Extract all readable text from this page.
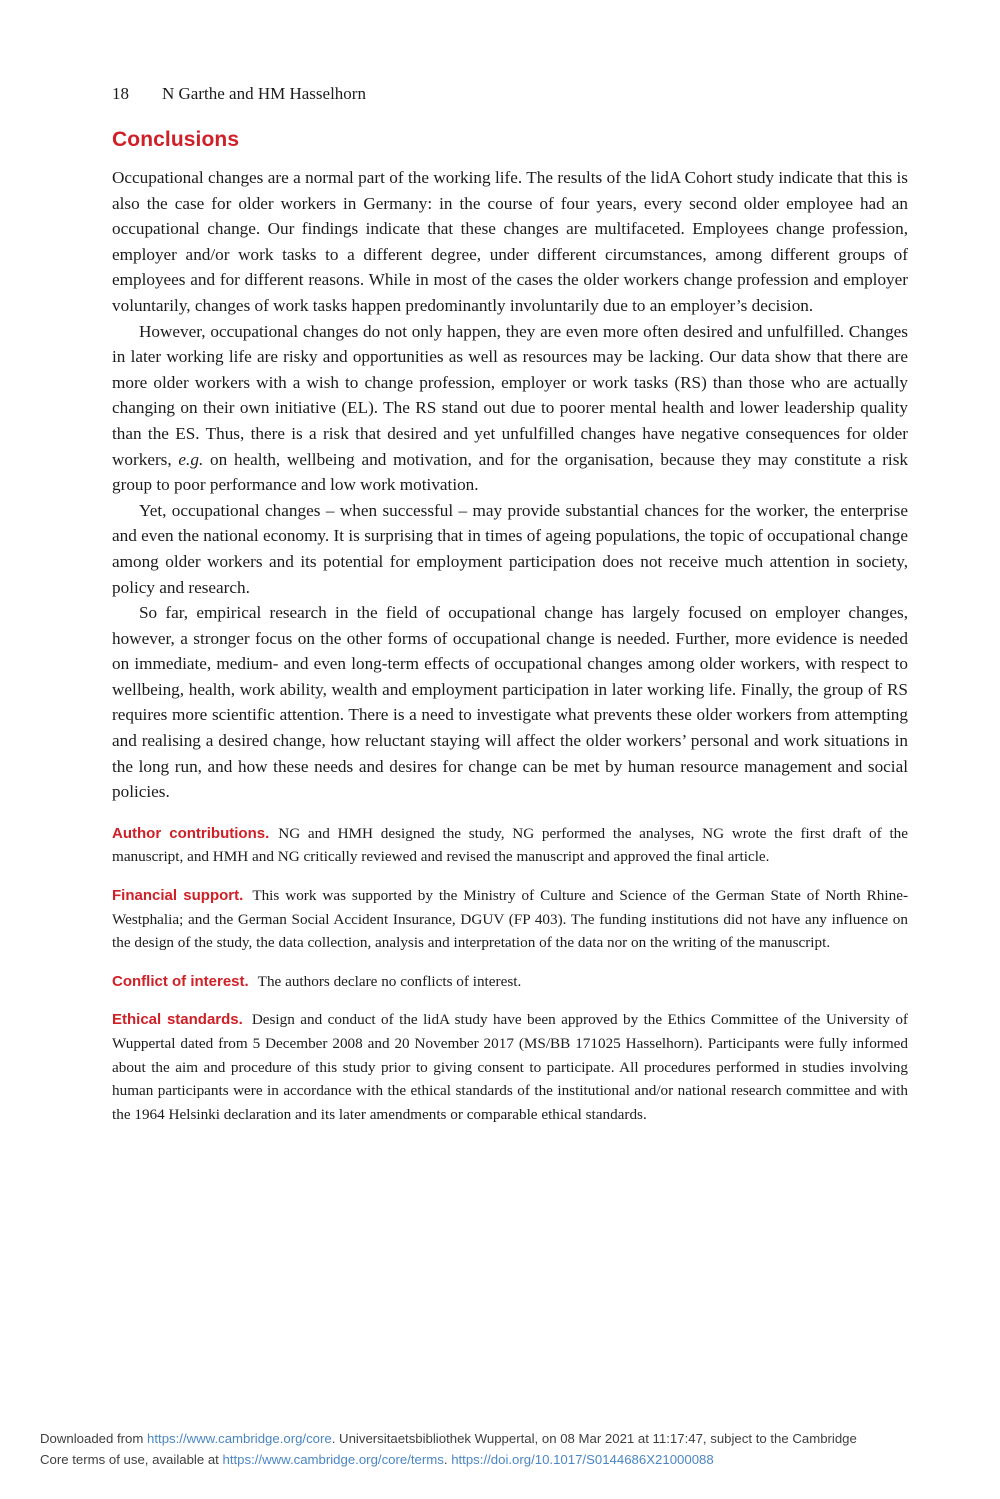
18 N Garthe and HM Hasselhorn
Conclusions

Occupational changes are a normal part of the working life. The results of the lidA Cohort study indicate that this is also the case for older workers in Germany: in the course of four years, every second older employee had an occupational change. Our findings indicate that these changes are multifaceted. Employees change profession, employer and/or work tasks to a different degree, under different circumstances, among different groups of employees and for different reasons. While in most of the cases the older workers change profession and employer voluntarily, changes of work tasks happen predominantly involuntarily due to an employer’s decision.

However, occupational changes do not only happen, they are even more often desired and unfulfilled. Changes in later working life are risky and opportunities as well as resources may be lacking. Our data show that there are more older workers with a wish to change profession, employer or work tasks (RS) than those who are actually changing on their own initiative (EL). The RS stand out due to poorer mental health and lower leadership quality than the ES. Thus, there is a risk that desired and yet unfulfilled changes have negative consequences for older workers, e.g. on health, wellbeing and motivation, and for the organisation, because they may constitute a risk group to poor performance and low work motivation.

Yet, occupational changes – when successful – may provide substantial chances for the worker, the enterprise and even the national economy. It is surprising that in times of ageing populations, the topic of occupational change among older workers and its potential for employment participation does not receive much attention in society, policy and research.

So far, empirical research in the field of occupational change has largely focused on employer changes, however, a stronger focus on the other forms of occupational change is needed. Further, more evidence is needed on immediate, medium- and even long-term effects of occupational changes among older workers, with respect to wellbeing, health, work ability, wealth and employment participation in later working life. Finally, the group of RS requires more scientific attention. There is a need to investigate what prevents these older workers from attempting and realising a desired change, how reluctant staying will affect the older workers’ personal and work situations in the long run, and how these needs and desires for change can be met by human resource management and social policies.

Author contributions. NG and HMH designed the study, NG performed the analyses, NG wrote the first draft of the manuscript, and HMH and NG critically reviewed and revised the manuscript and approved the final article.

Financial support. This work was supported by the Ministry of Culture and Science of the German State of North Rhine-Westphalia; and the German Social Accident Insurance, DGUV (FP 403). The funding institutions did not have any influence on the design of the study, the data collection, analysis and interpretation of the data nor on the writing of the manuscript.

Conflict of interest. The authors declare no conflicts of interest.

Ethical standards. Design and conduct of the lidA study have been approved by the Ethics Committee of the University of Wuppertal dated from 5 December 2008 and 20 November 2017 (MS/BB 171025 Hasselhorn). Participants were fully informed about the aim and procedure of this study prior to giving consent to participate. All procedures performed in studies involving human participants were in accordance with the ethical standards of the institutional and/or national research committee and with the 1964 Helsinki declaration and its later amendments or comparable ethical standards.

Downloaded from https://www.cambridge.org/core. Universitaetsbibliothek Wuppertal, on 08 Mar 2021 at 11:17:47, subject to the Cambridge

Core terms of use, available at https://www.cambridge.org/core/terms. https://doi.org/10.1017/S0144686X21000088
